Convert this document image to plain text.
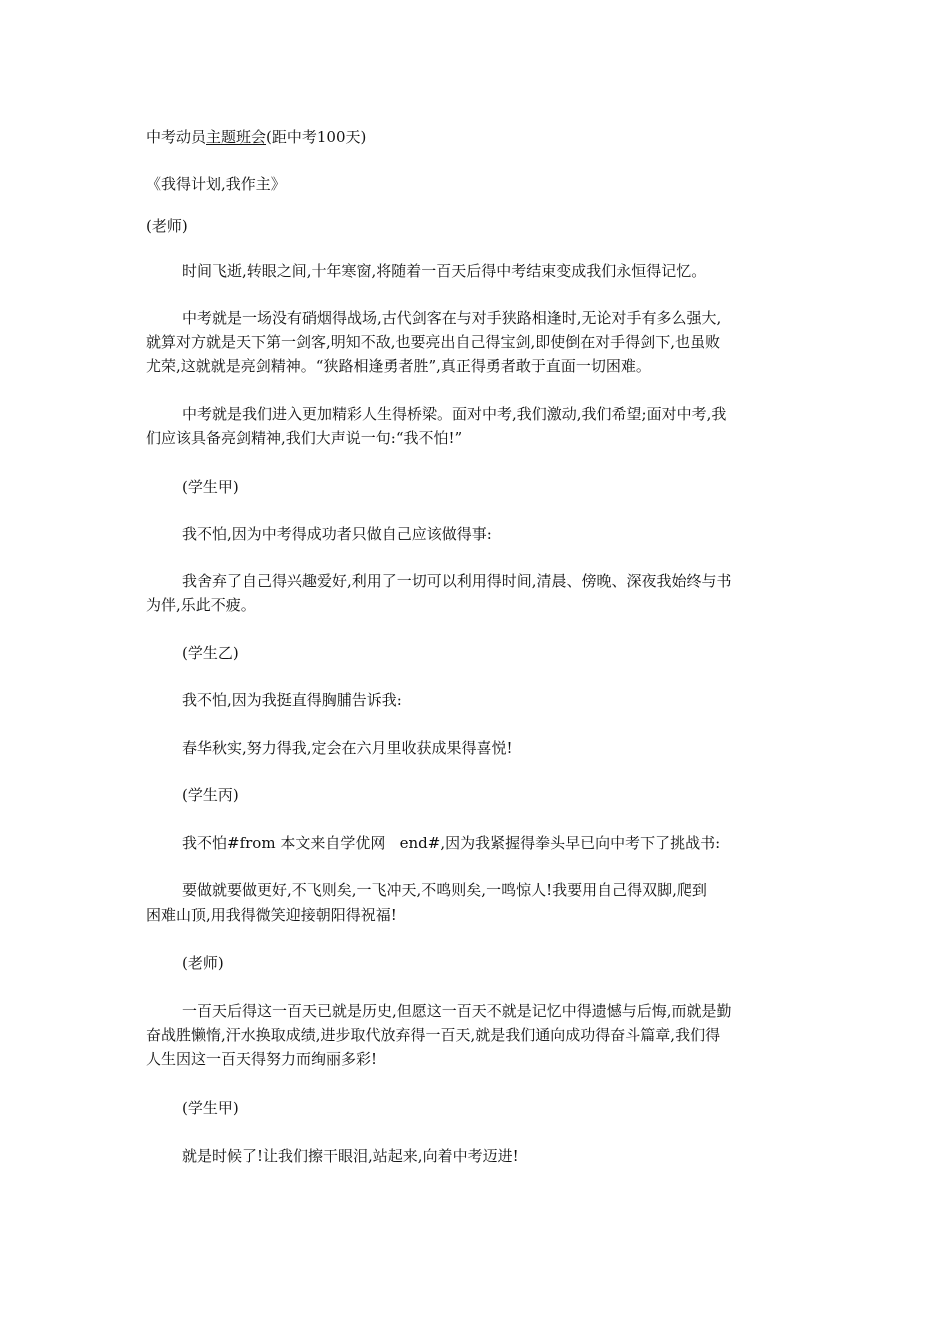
中考动员主题班会(距中考100天)
《我得计划,我作主》
(老师)
时间飞逝,转眼之间,十年寒窗,将随着一百天后得中考结束变成我们永恒得记忆。
中考就是一场没有硝烟得战场,古代剑客在与对手狭路相逢时,无论对手有多么强大,
就算对方就是天下第一剑客,明知不敌,也要亮出自己得宝剑,即使倒在对手得剑下,也虽败
尤荣,这就就是亮剑精神。“狭路相逢勇者胜”,真正得勇者敢于直面一切困难。
中考就是我们进入更加精彩人生得桥梁。面对中考,我们激动,我们希望;面对中考,我
们应该具备亮剑精神,我们大声说一句:“我不怕!”
(学生甲)
我不怕,因为中考得成功者只做自己应该做得事:
我舍弃了自己得兴趣爱好,利用了一切可以利用得时间,清晨、傍晚、深夜我始终与书
为伴,乐此不疲。
(学生乙)
我不怕,因为我挺直得胸脯告诉我:
春华秋实,努力得我,定会在六月里收获成果得喜悦!
(学生丙)
我不怕#from 本文来自学优网   end#,因为我紧握得拳头早已向中考下了挑战书:
要做就要做更好,不飞则矣,一飞冲天,不鸣则矣,一鸣惊人!我要用自己得双脚,爬到
困难山顶,用我得微笑迎接朝阳得祝福!
(老师)
一百天后得这一百天已就是历史,但愿这一百天不就是记忆中得遗憾与后悔,而就是勤
奋战胜懒惰,汗水换取成绩,进步取代放弃得一百天,就是我们通向成功得奋斗篇章,我们得
人生因这一百天得努力而绚丽多彩!
(学生甲)
就是时候了!让我们擦干眼泪,站起来,向着中考迈进!
